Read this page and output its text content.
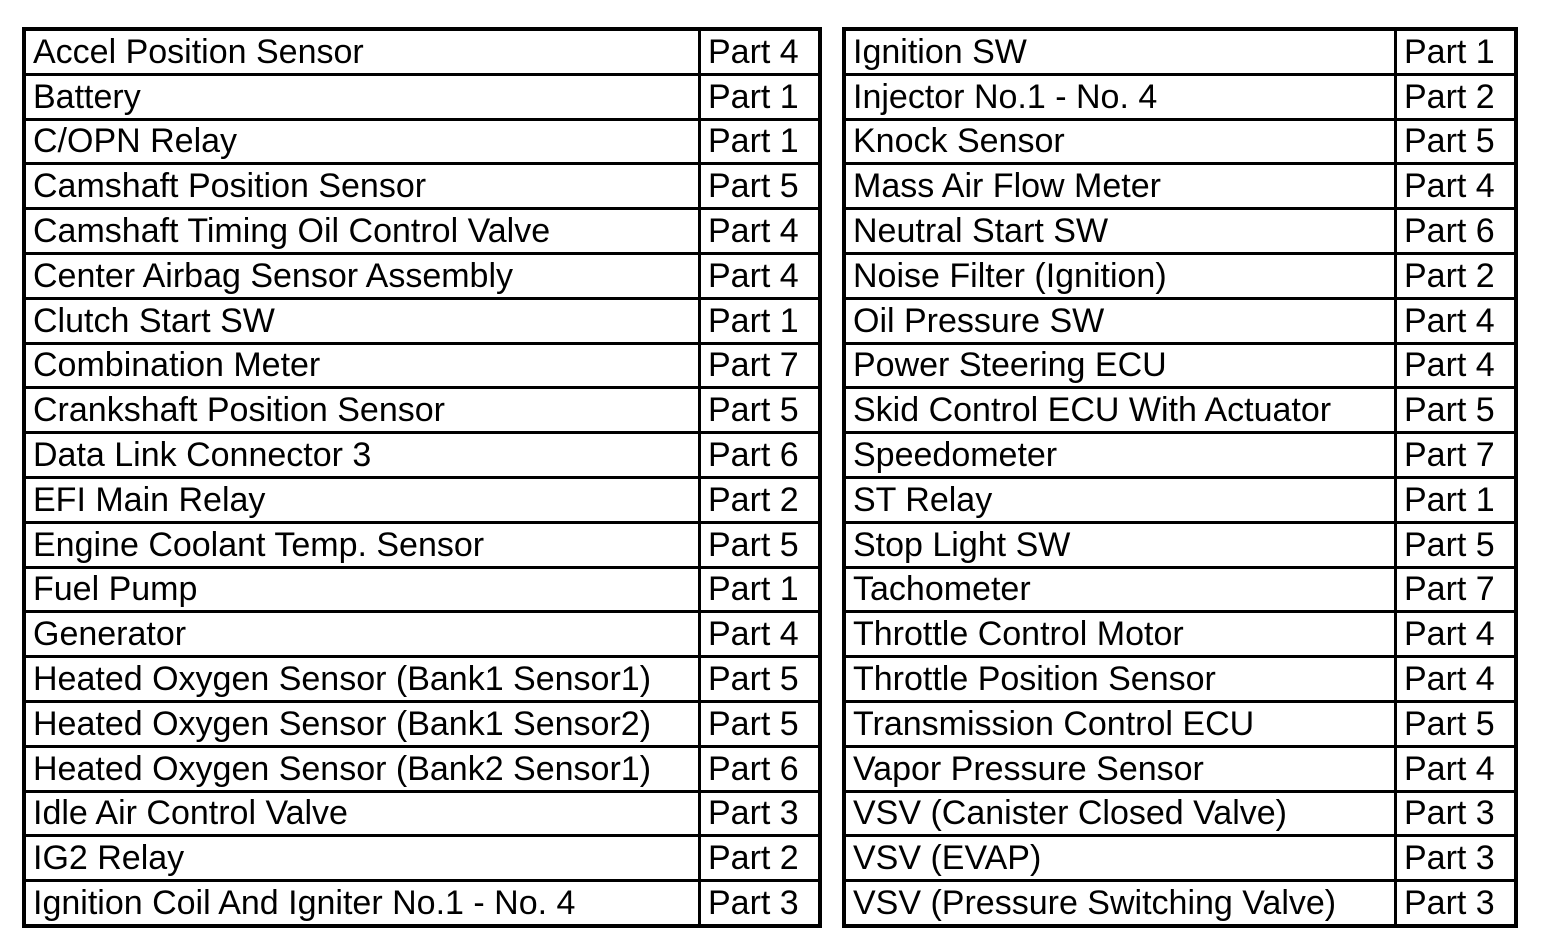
Accel Position Sensor	Part 4
Battery	Part 1
C/OPN Relay	Part 1
Camshaft Position Sensor	Part 5
Camshaft Timing Oil Control Valve	Part 4
Center Airbag Sensor Assembly	Part 4
Clutch Start SW	Part 1
Combination Meter	Part 7
Crankshaft Position Sensor	Part 5
Data Link Connector 3	Part 6
EFI Main Relay	Part 2
Engine Coolant Temp. Sensor	Part 5
Fuel Pump	Part 1
Generator	Part 4
Heated Oxygen Sensor (Bank1 Sensor1)	Part 5
Heated Oxygen Sensor (Bank1 Sensor2)	Part 5
Heated Oxygen Sensor (Bank2 Sensor1)	Part 6
Idle Air Control Valve	Part 3
IG2 Relay	Part 2
Ignition Coil And Igniter No.1 - No. 4	Part 3
Ignition SW	Part 1
Injector No.1 - No. 4	Part 2
Knock Sensor	Part 5
Mass Air Flow Meter	Part 4
Neutral Start SW	Part 6
Noise Filter (Ignition)	Part 2
Oil Pressure SW	Part 4
Power Steering ECU	Part 4
Skid Control ECU With Actuator	Part 5
Speedometer	Part 7
ST Relay	Part 1
Stop Light SW	Part 5
Tachometer	Part 7
Throttle Control Motor	Part 4
Throttle Position Sensor	Part 4
Transmission Control ECU	Part 5
Vapor Pressure Sensor	Part 4
VSV (Canister Closed Valve)	Part 3
VSV (EVAP)	Part 3
VSV (Pressure Switching Valve)	Part 3
